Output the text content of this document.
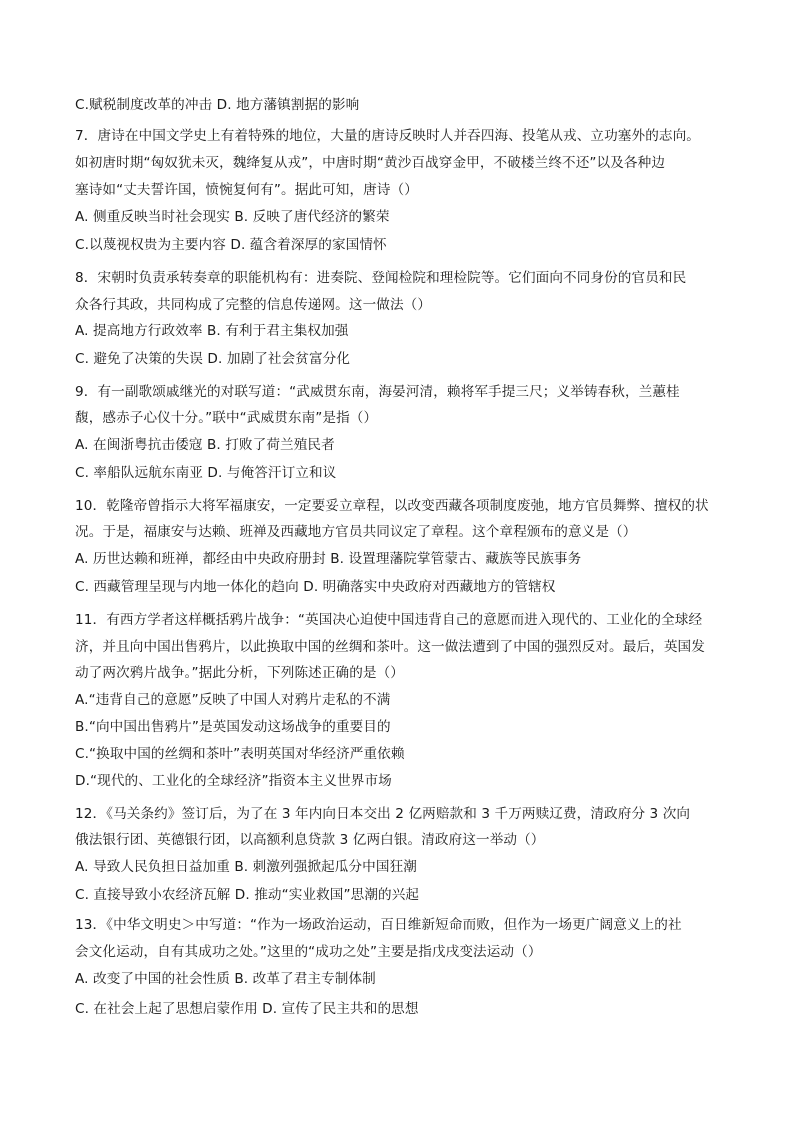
C.赋税制度改革的冲击 D. 地方藩镇割据的影响
7．唐诗在中国文学史上有着特殊的地位，大量的唐诗反映时人并吞四海、投笔从戎、立功塞外的志向。
如初唐时期“匈奴犹未灭，魏绛复从戎”，中唐时期“黄沙百战穿金甲，不破楼兰终不还”以及各种边
塞诗如“丈夫誓许国，愤惋复何有”。据此可知，唐诗（）
A. 侧重反映当时社会现实 B. 反映了唐代经济的繁荣
C.以蔑视权贵为主要内容 D. 蕴含着深厚的家国情怀
8．宋朝时负责承转奏章的职能机构有：进奏院、登闻检院和理检院等。它们面向不同身份的官员和民
众各行其政，共同构成了完整的信息传递网。这一做法（）
A. 提高地方行政效率 B. 有利于君主集权加强
C. 避免了决策的失误 D. 加剧了社会贫富分化
9．有一副歌颂戚继光的对联写道：“武威贯东南，海晏河清，赖将军手提三尺；义举铸春秋，兰蕙桂
馥，感赤子心仪十分。”联中“武威贯东南”是指（）
A. 在闽浙粤抗击倭寇 B. 打败了荷兰殖民者
C. 率船队远航东南亚 D. 与俺答汗订立和议
10．乾隆帝曾指示大将军福康安，一定要妥立章程，以改变西藏各项制度废弛，地方官员舞弊、擅权的状
况。于是，福康安与达赖、班禅及西藏地方官员共同议定了章程。这个章程颁布的意义是（）
A. 历世达赖和班禅，都经由中央政府册封 B. 设置理藩院掌管蒙古、藏族等民族事务
C. 西藏管理呈现与内地一体化的趋向 D. 明确落实中央政府对西藏地方的管辖权
11．有西方学者这样概括鸦片战争：“英国决心迫使中国违背自己的意愿而进入现代的、工业化的全球经
济，并且向中国出售鸦片，以此换取中国的丝绸和茶叶。这一做法遭到了中国的强烈反对。最后，英国发
动了两次鸦片战争。”据此分析，下列陈述正确的是（）
A.“违背自己的意愿”反映了中国人对鸦片走私的不满
B.“向中国出售鸦片”是英国发动这场战争的重要目的
C.“换取中国的丝绸和茶叶”表明英国对华经济严重依赖
D.“现代的、工业化的全球经济”指资本主义世界市场
12．《马关条约》签订后，为了在 3 年内向日本交出 2 亿两赔款和 3 千万两赎辽费，清政府分 3 次向
俄法银行团、英德银行团，以高额利息贷款 3 亿两白银。清政府这一举动（）
A. 导致人民负担日益加重 B. 刺激列强掀起瓜分中国狂潮
C. 直接导致小农经济瓦解 D. 推动“实业救国”思潮的兴起
13．《中华文明史＞中写道：“作为一场政治运动，百日维新短命而败，但作为一场更广阔意义上的社
会文化运动，自有其成功之处。”这里的“成功之处”主要是指戊戌变法运动（）
A. 改变了中国的社会性质 B. 改革了君主专制体制
C. 在社会上起了思想启蒙作用 D. 宣传了民主共和的思想
